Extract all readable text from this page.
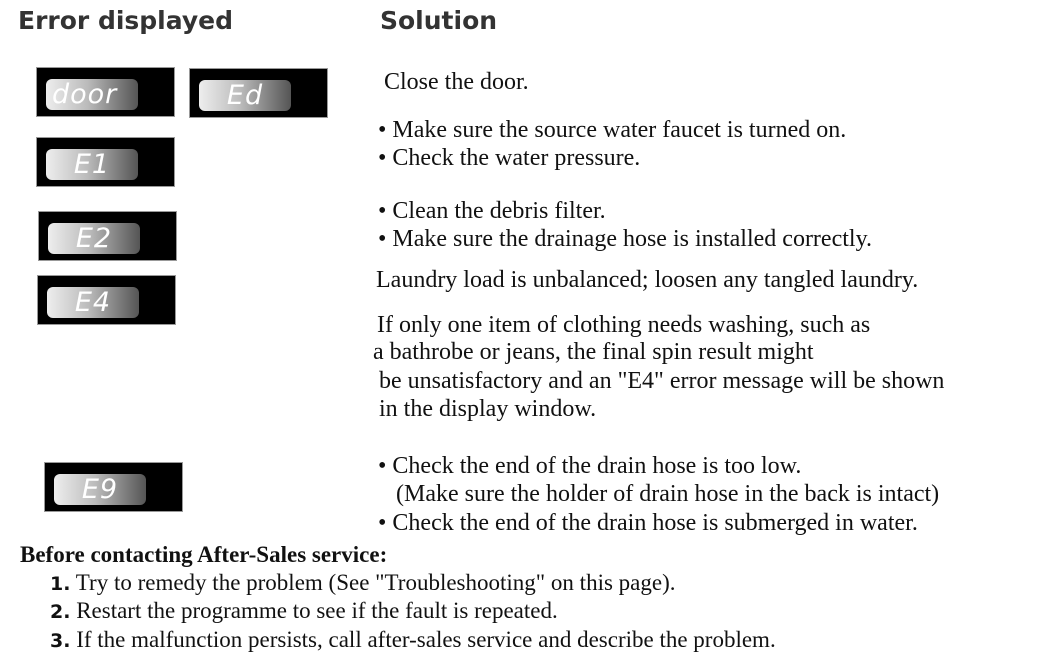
Error displayed	Solution
door	Ed
E1
E2
E4
E9
Close the door.
• Make sure the source water faucet is turned on.
• Check the water pressure.
• Clean the debris filter.
• Make sure the drainage hose is installed correctly.
Laundry load is unbalanced; loosen any tangled laundry.
If only one item of clothing needs washing, such as
a bathrobe or jeans, the final spin result might
be unsatisfactory and an "E4" error message will be shown
in the display window.
• Check the end of the drain hose is too low.
(Make sure the holder of drain hose in the back is intact)
• Check the end of the drain hose is submerged in water.
Before contacting After-Sales service:
1. Try to remedy the problem (See "Troubleshooting" on this page).
2. Restart the programme to see if the fault is repeated.
3. If the malfunction persists, call after-sales service and describe the problem.
